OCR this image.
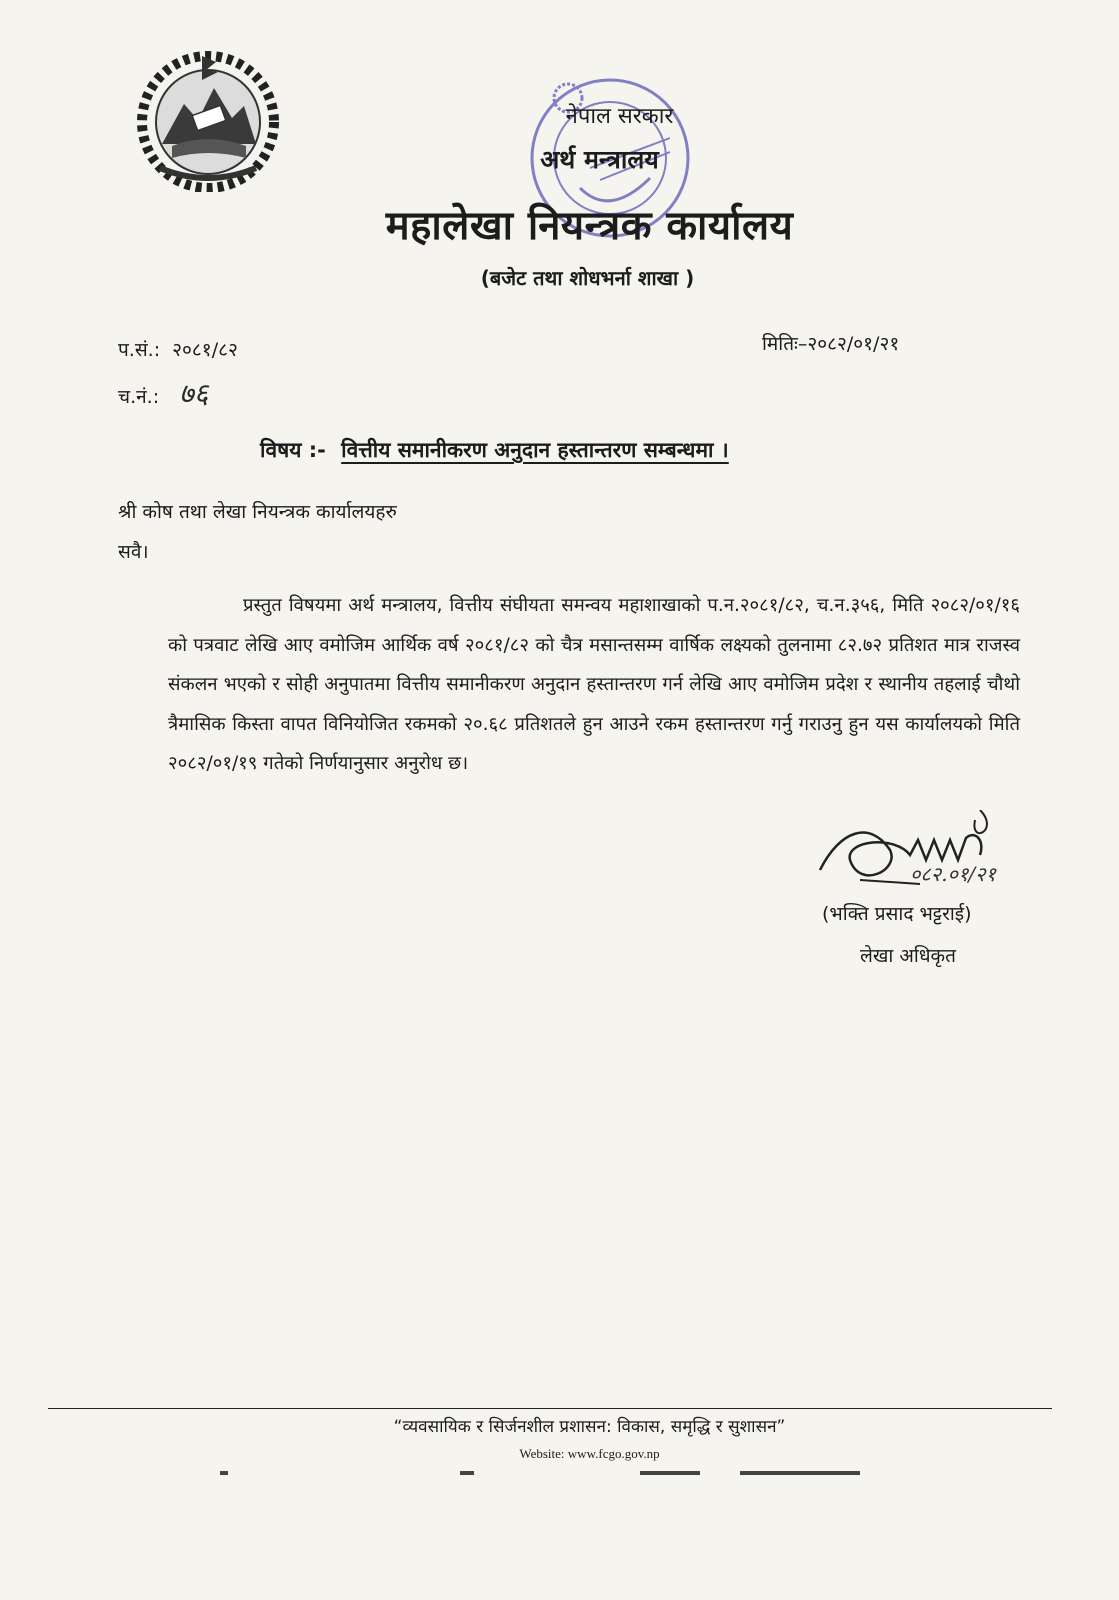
नेपाल सरकार
अर्थ मन्त्रालय
महालेखा नियन्त्रक कार्यालय
(बजेट तथा शोधभर्ना शाखा )
प.सं.: २०८१/८२
च.नं.: ७६
मितिः–२०८२/०१/२१
विषय :- वित्तीय समानीकरण अनुदान हस्तान्तरण सम्बन्धमा ।
श्री कोष तथा लेखा नियन्त्रक कार्यालयहरु
सवै।
प्रस्तुत विषयमा अर्थ मन्त्रालय, वित्तीय संघीयता समन्वय महाशाखाको प.न.२०८१/८२, च.न.३५६, मिति २०८२/०१/१६ को पत्रवाट लेखि आए वमोजिम आर्थिक वर्ष २०८१/८२ को चैत्र मसान्तसम्म वार्षिक लक्ष्यको तुलनामा ८२.७२ प्रतिशत मात्र राजस्व संकलन भएको र सोही अनुपातमा वित्तीय समानीकरण अनुदान हस्तान्तरण गर्न लेखि आए वमोजिम प्रदेश र स्थानीय तहलाई चौथो त्रैमासिक किस्ता वापत विनियोजित रकमको २०.६८ प्रतिशतले हुन आउने रकम हस्तान्तरण गर्नु गराउनु हुन यस कार्यालयको मिति २०८२/०१/१९ गतेको निर्णयानुसार अनुरोध छ।
०८२.०१/२१
(भक्ति प्रसाद भट्टराई)
लेखा अधिकृत
“व्यवसायिक र सिर्जनशील प्रशासन: विकास, समृद्धि र सुशासन”
Website: www.fcgo.gov.np
